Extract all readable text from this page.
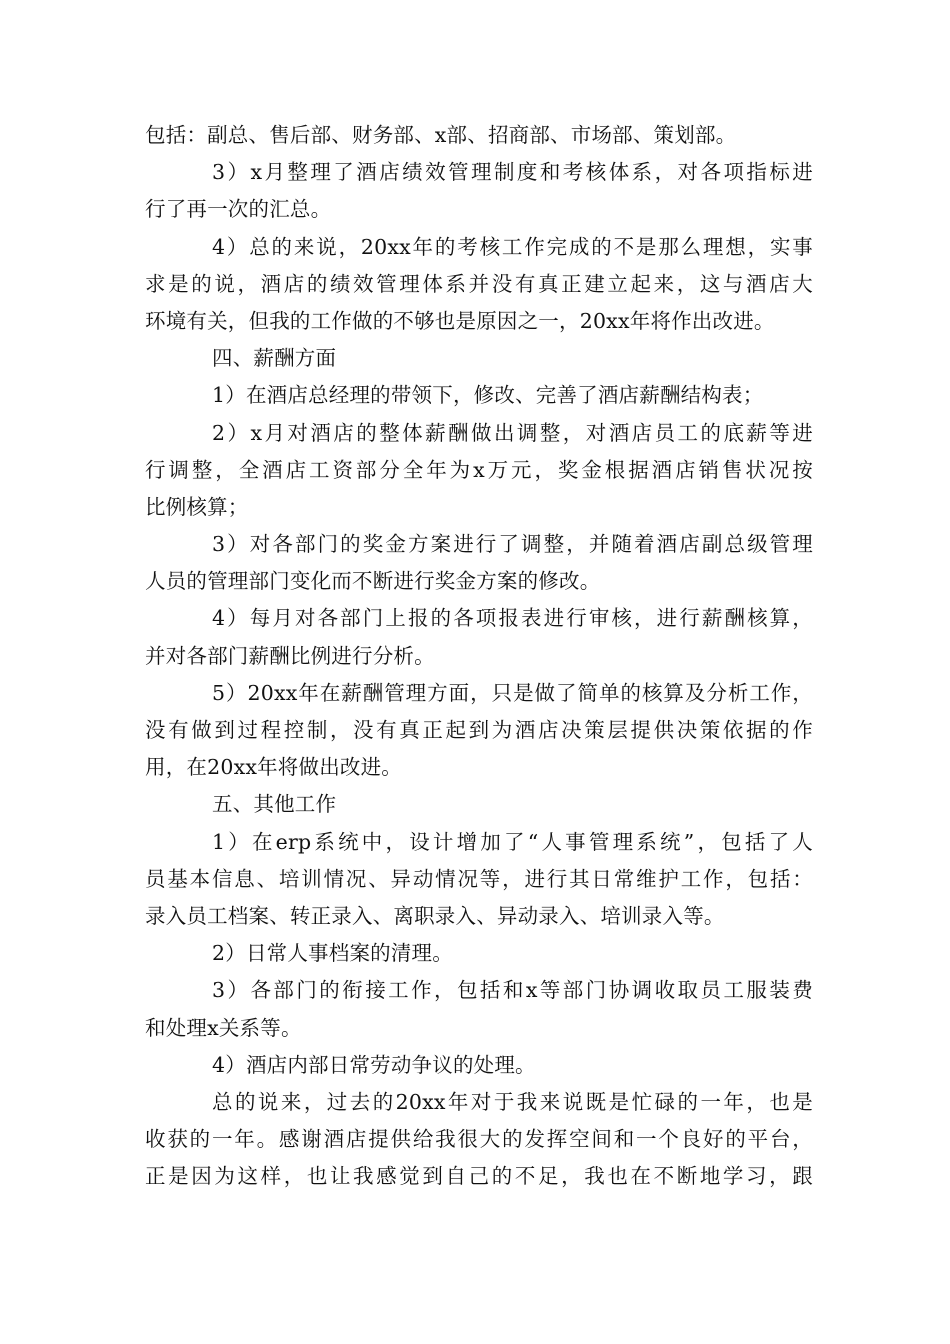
包括：副总、售后部、财务部、x部、招商部、市场部、策划部。
3）x月整理了酒店绩效管理制度和考核体系，对各项指标进
行了再一次的汇总。
4）总的来说，20xx年的考核工作完成的不是那么理想，实事
求是的说，酒店的绩效管理体系并没有真正建立起来，这与酒店大
环境有关，但我的工作做的不够也是原因之一，20xx年将作出改进。
四、薪酬方面
1）在酒店总经理的带领下，修改、完善了酒店薪酬结构表；
2）x月对酒店的整体薪酬做出调整，对酒店员工的底薪等进
行调整，全酒店工资部分全年为x万元，奖金根据酒店销售状况按
比例核算；
3）对各部门的奖金方案进行了调整，并随着酒店副总级管理
人员的管理部门变化而不断进行奖金方案的修改。
4）每月对各部门上报的各项报表进行审核，进行薪酬核算，
并对各部门薪酬比例进行分析。
5）20xx年在薪酬管理方面，只是做了简单的核算及分析工作，
没有做到过程控制，没有真正起到为酒店决策层提供决策依据的作
用，在20xx年将做出改进。
五、其他工作
1）在erp系统中，设计增加了“人事管理系统”，包括了人
员基本信息、培训情况、异动情况等，进行其日常维护工作，包括：
录入员工档案、转正录入、离职录入、异动录入、培训录入等。
2）日常人事档案的清理。
3）各部门的衔接工作，包括和x等部门协调收取员工服装费
和处理x关系等。
4）酒店内部日常劳动争议的处理。
总的说来，过去的20xx年对于我来说既是忙碌的一年，也是
收获的一年。感谢酒店提供给我很大的发挥空间和一个良好的平台，
正是因为这样，也让我感觉到自己的不足，我也在不断地学习，跟
